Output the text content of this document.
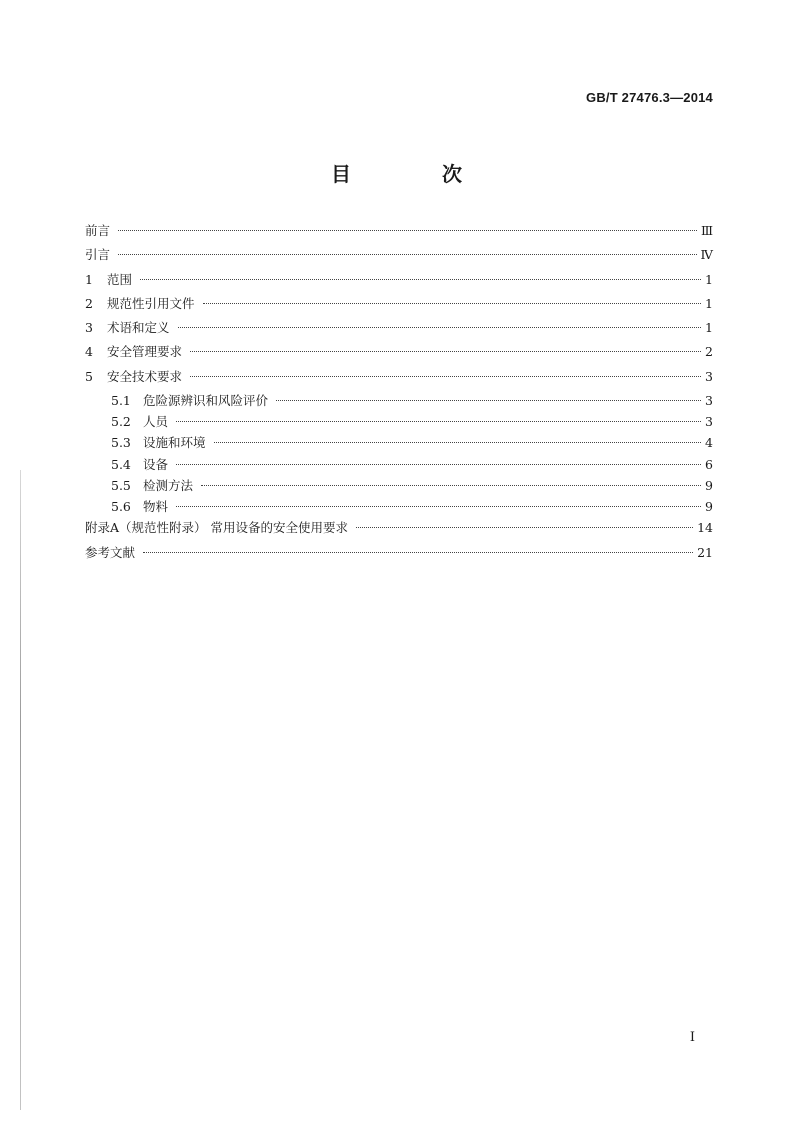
GB/T 27476.3—2014
目 次
前言	Ⅲ
引言	Ⅳ
1	范围	1
2	规范性引用文件	1
3	术语和定义	1
4	安全管理要求	2
5	安全技术要求	3
5.1 危险源辨识和风险评价	3
5.2 人员	3
5.3 设施和环境	4
5.4 设备	6
5.5 检测方法	9
5.6 物料	9
附录A（规范性附录） 常用设备的安全使用要求	14
参考文献	21
I
